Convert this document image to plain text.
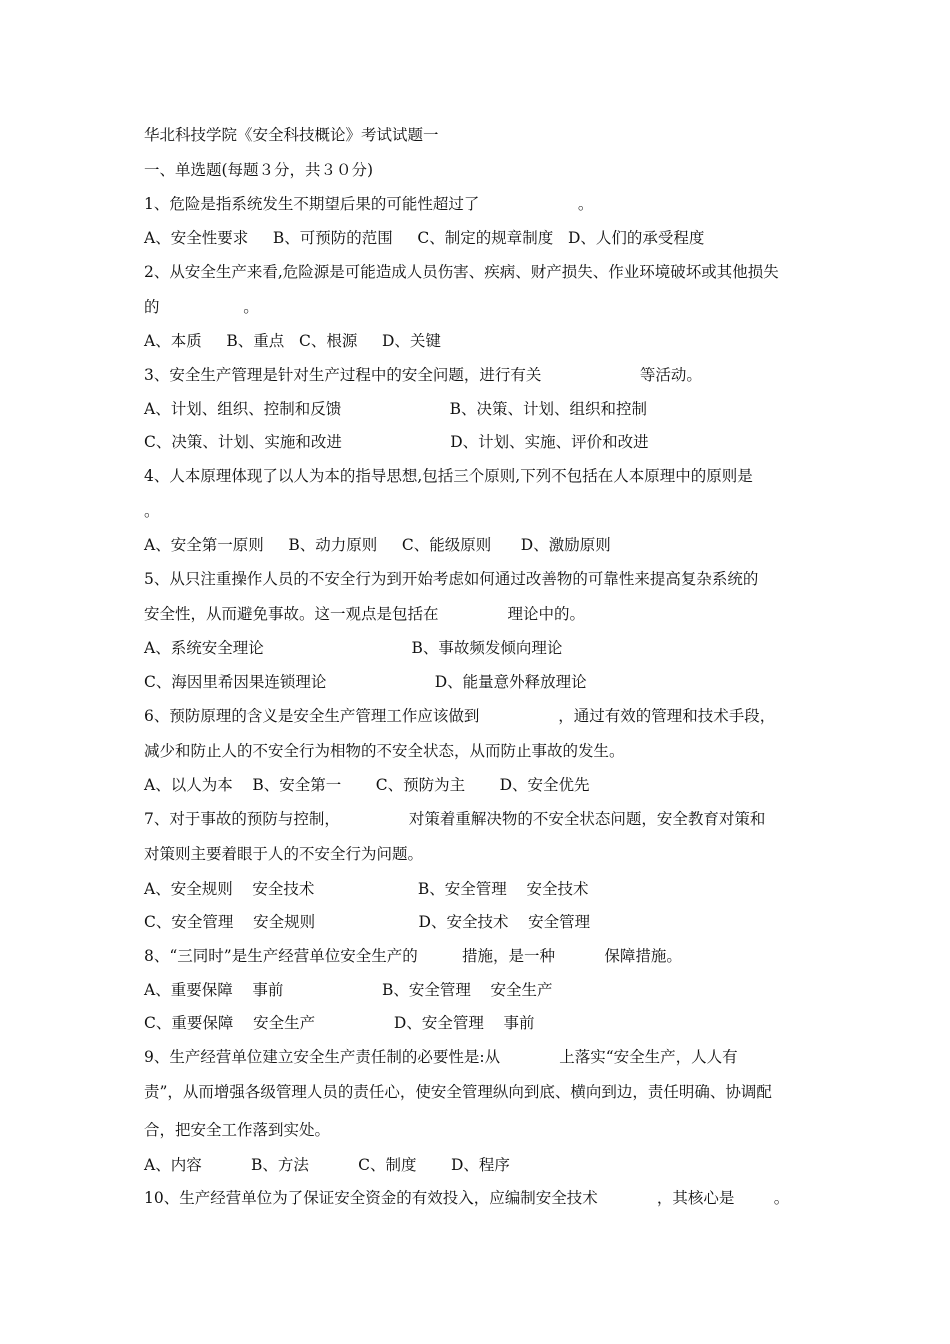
华北科技学院《安全科技概论》考试试题一
一、单选题(每题３分，共３０分)
1、危险是指系统发生不期望后果的可能性超过了                    。
A、安全性要求     B、可预防的范围     C、制定的规章制度   D、人们的承受程度
2、从安全生产来看,危险源是可能造成人员伤害、疾病、财产损失、作业环境破坏或其他损失
的                 。
A、本质     B、重点   C、根源     D、关键
3、安全生产管理是针对生产过程中的安全问题，进行有关                    等活动。
A、计划、组织、控制和反馈                      B、决策、计划、组织和控制
C、决策、计划、实施和改进                      D、计划、实施、评价和改进
4、人本原理体现了以人为本的指导思想,包括三个原则,下列不包括在人本原理中的原则是
。
A、安全第一原则     B、动力原则     C、能级原则      D、激励原则
5、从只注重操作人员的不安全行为到开始考虑如何通过改善物的可靠性来提高复杂系统的
安全性，从而避免事故。这一观点是包括在              理论中的。
A、系统安全理论                              B、事故频发倾向理论
C、海因里希因果连锁理论                      D、能量意外释放理论
6、预防原理的含义是安全生产管理工作应该做到                ，通过有效的管理和技术手段，
减少和防止人的不安全行为相物的不安全状态，从而防止事故的发生。
A、以人为本    B、安全第一       C、预防为主       D、安全优先
7、对于事故的预防与控制，              对策着重解决物的不安全状态问题，安全教育对策和
对策则主要着眼于人的不安全行为问题。
A、安全规则    安全技术                     B、安全管理    安全技术
C、安全管理    安全规则                     D、安全技术    安全管理
8、“三同时”是生产经营单位安全生产的         措施，是一种          保障措施。
A、重要保障    事前                    B、安全管理    安全生产
C、重要保障    安全生产                D、安全管理    事前
9、生产经营单位建立安全生产责任制的必要性是:从            上落实“安全生产，人人有
责”，从而增强各级管理人员的责任心，使安全管理纵向到底、横向到边，责任明确、协调配
合，把安全工作落到实处。
A、内容          B、方法          C、制度       D、程序
10、生产经营单位为了保证安全资金的有效投入，应编制安全技术            ，其核心是        。
